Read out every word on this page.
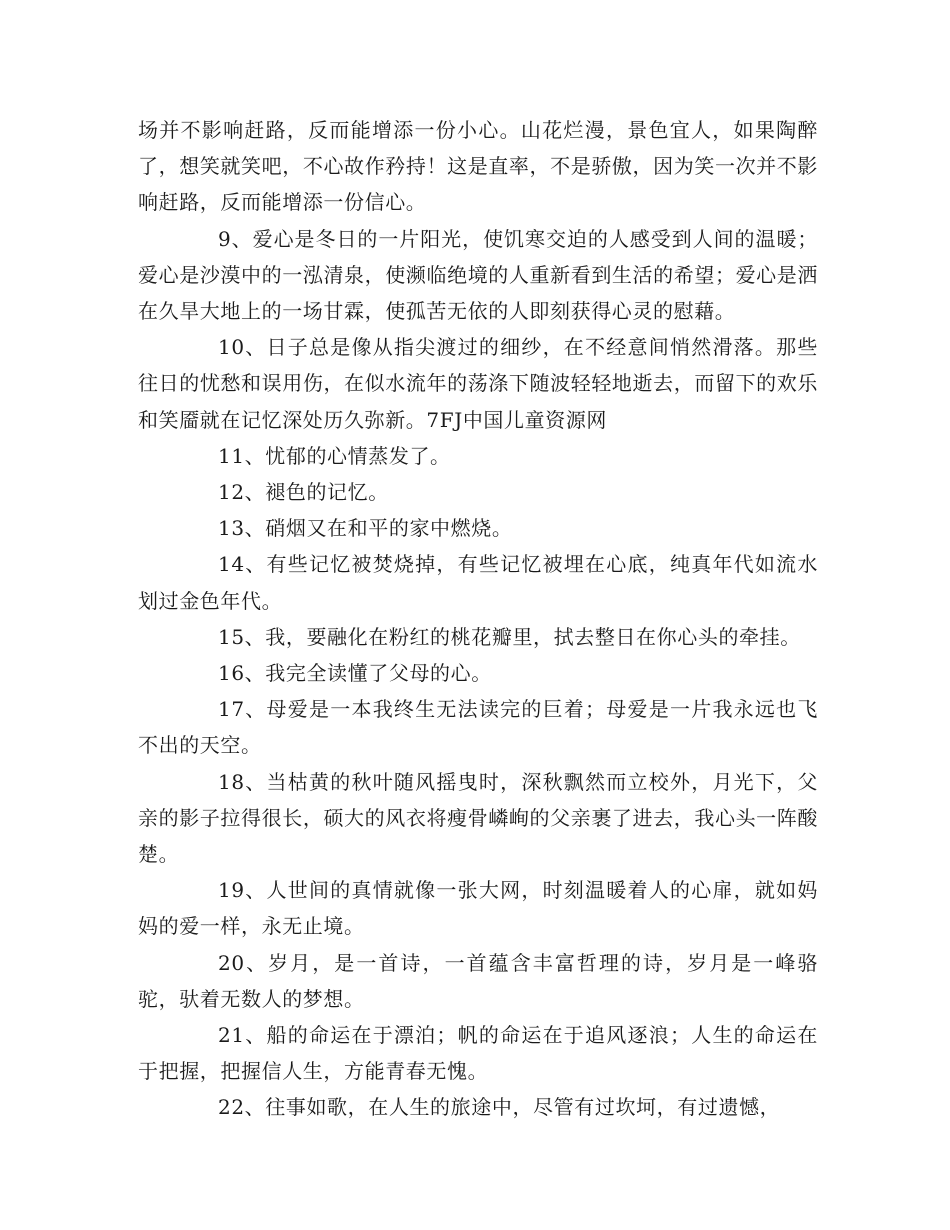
场并不影响赶路，反而能增添一份小心。山花烂漫，景色宜人，如果陶醉了，想笑就笑吧，不心故作矜持！这是直率，不是骄傲，因为笑一次并不影响赶路，反而能增添一份信心。

9、爱心是冬日的一片阳光，使饥寒交迫的人感受到人间的温暖；爱心是沙漠中的一泓清泉，使濒临绝境的人重新看到生活的希望；爱心是洒在久旱大地上的一场甘霖，使孤苦无依的人即刻获得心灵的慰藉。

10、日子总是像从指尖渡过的细纱，在不经意间悄然滑落。那些往日的忧愁和误用伤，在似水流年的荡涤下随波轻轻地逝去，而留下的欢乐和笑靥就在记忆深处历久弥新。7FJ中国儿童资源网

11、忧郁的心情蒸发了。

12、褪色的记忆。

13、硝烟又在和平的家中燃烧。

14、有些记忆被焚烧掉，有些记忆被埋在心底，纯真年代如流水划过金色年代。

15、我，要融化在粉红的桃花瓣里，拭去整日在你心头的牵挂。

16、我完全读懂了父母的心。

17、母爱是一本我终生无法读完的巨着；母爱是一片我永远也飞不出的天空。

18、当枯黄的秋叶随风摇曳时，深秋飘然而立校外，月光下，父亲的影子拉得很长，硕大的风衣将瘦骨嶙峋的父亲裹了进去，我心头一阵酸楚。

19、人世间的真情就像一张大网，时刻温暖着人的心扉，就如妈妈的爱一样，永无止境。

20、岁月，是一首诗，一首蕴含丰富哲理的诗，岁月是一峰骆驼，驮着无数人的梦想。

21、船的命运在于漂泊；帆的命运在于追风逐浪；人生的命运在于把握，把握信人生，方能青春无愧。

22、往事如歌，在人生的旅途中，尽管有过坎坷，有过遗憾，
